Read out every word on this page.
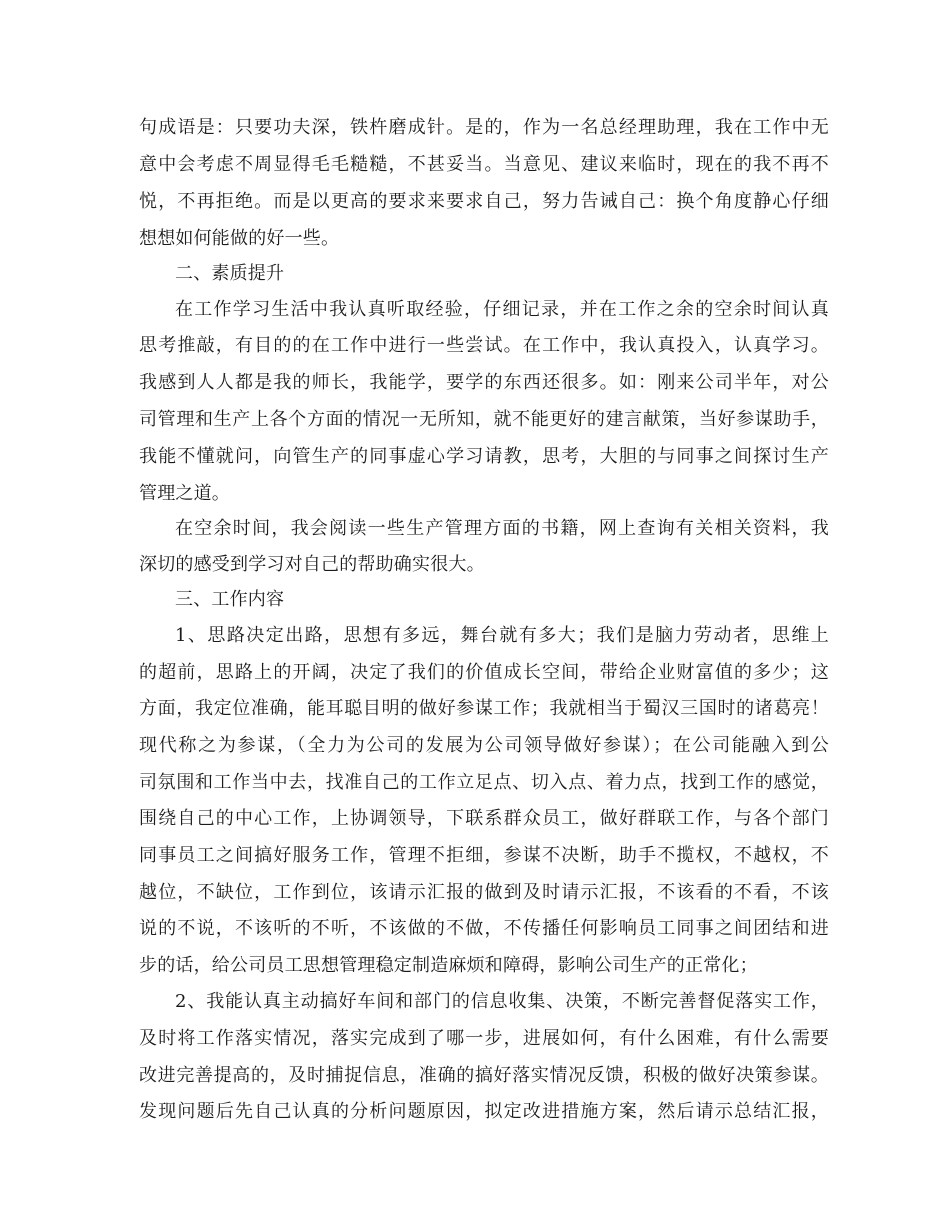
句成语是：只要功夫深，铁杵磨成针。是的，作为一名总经理助理，我在工作中无
意中会考虑不周显得毛毛糙糙，不甚妥当。当意见、建议来临时，现在的我不再不
悦，不再拒绝。而是以更高的要求来要求自己，努力告诫自己：换个角度静心仔细
想想如何能做的好一些。
二、素质提升
在工作学习生活中我认真听取经验，仔细记录，并在工作之余的空余时间认真
思考推敲，有目的的在工作中进行一些尝试。在工作中，我认真投入，认真学习。
我感到人人都是我的师长，我能学，要学的东西还很多。如：刚来公司半年，对公
司管理和生产上各个方面的情况一无所知，就不能更好的建言献策，当好参谋助手，
我能不懂就问，向管生产的同事虚心学习请教，思考，大胆的与同事之间探讨生产
管理之道。
在空余时间，我会阅读一些生产管理方面的书籍，网上查询有关相关资料，我
深切的感受到学习对自己的帮助确实很大。
三、工作内容
1、思路决定出路，思想有多远，舞台就有多大；我们是脑力劳动者，思维上
的超前，思路上的开阔，决定了我们的价值成长空间，带给企业财富值的多少；这
方面，我定位准确，能耳聪目明的做好参谋工作；我就相当于蜀汉三国时的诸葛亮！
现代称之为参谋，（全力为公司的发展为公司领导做好参谋）；在公司能融入到公
司氛围和工作当中去，找准自己的工作立足点、切入点、着力点，找到工作的感觉，
围绕自己的中心工作，上协调领导，下联系群众员工，做好群联工作，与各个部门
同事员工之间搞好服务工作，管理不拒细，参谋不决断，助手不揽权，不越权，不
越位，不缺位，工作到位，该请示汇报的做到及时请示汇报，不该看的不看，不该
说的不说，不该听的不听，不该做的不做，不传播任何影响员工同事之间团结和进
步的话，给公司员工思想管理稳定制造麻烦和障碍，影响公司生产的正常化；
2、我能认真主动搞好车间和部门的信息收集、决策，不断完善督促落实工作，
及时将工作落实情况，落实完成到了哪一步，进展如何，有什么困难，有什么需要
改进完善提高的，及时捕捉信息，准确的搞好落实情况反馈，积极的做好决策参谋。
发现问题后先自己认真的分析问题原因，拟定改进措施方案，然后请示总结汇报，
